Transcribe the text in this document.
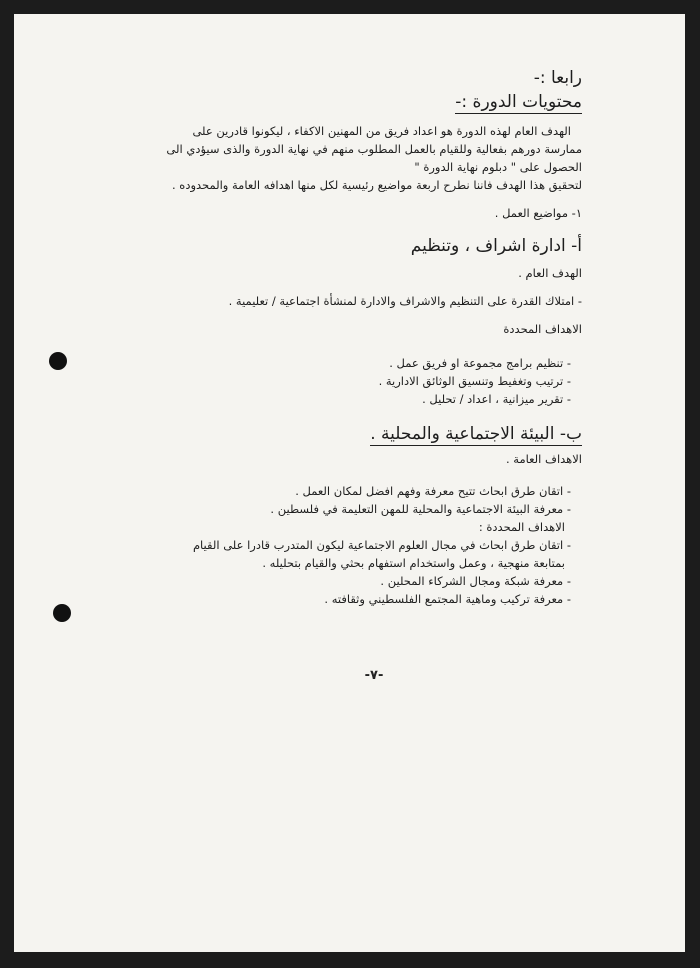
رابعا :-
محتويات الدورة :-
الهدف العام لهذه الدورة هو اعداد فريق من المهنين الاكفاء ، ليكونوا قادرين على
ممارسة دورهم بفعالية وللقيام بالعمل المطلوب منهم في نهاية الدورة والذى سيؤدي الى
الحصول على " دبلوم نهاية الدورة "
لتحقيق هذا الهدف فاننا نطرح اربعة مواضيع رئيسية لكل منها اهدافه العامة والمحدوده .
١- مواضيع العمل .
أ- ادارة اشراف ، وتنظيم
الهدف العام .
- امتلاك القدرة على التنظيم والاشراف والادارة لمنشأة اجتماعية / تعليمية .
الاهداف المحددة
- تنظيم برامج مجموعة او فريق عمل .
- ترتيب وتغفيط وتنسيق الوثائق الادارية .
- تقرير ميزانية ، اعداد / تحليل .
ب- البيئة الاجتماعية والمحلية .
الاهداف العامة .
- اتقان طرق ابحاث تتيح معرفة وفهم افضل لمكان العمل .
- معرفة البيئة الاجتماعية والمحلية للمهن التعليمة في فلسطين .
الاهداف المحددة :
- اتقان طرق ابحاث في مجال العلوم الاجتماعية ليكون المتدرب قادرا على القيام
بمتابعة منهجية ، وعمل واستخدام استفهام بحثي والقيام بتحليله .
- معرفة شبكة ومجال الشركاء المحلين .
- معرفة تركيب وماهية المجتمع الفلسطيني وثقافته .
-٧-
